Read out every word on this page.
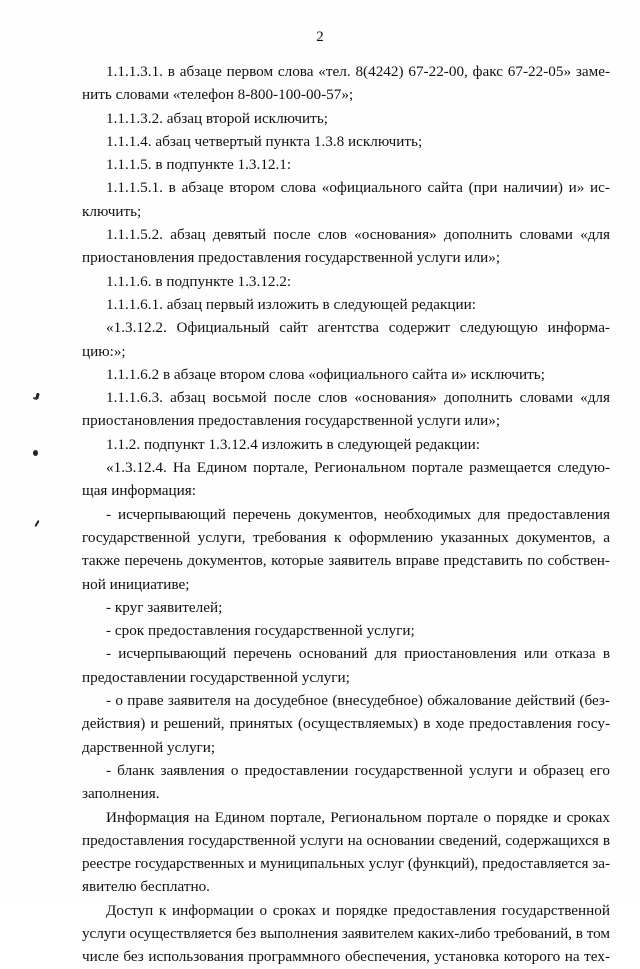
2
1.1.1.3.1. в абзаце первом слова «тел. 8(4242) 67-22-00, факс 67-22-05» заме-
нить словами «телефон 8-800-100-00-57»;
1.1.1.3.2. абзац второй исключить;
1.1.1.4. абзац четвертый пункта 1.3.8 исключить;
1.1.1.5. в подпункте 1.3.12.1:
1.1.1.5.1. в абзаце втором слова «официального сайта (при наличии) и» ис-
ключить;
1.1.1.5.2. абзац девятый после слов «основания» дополнить словами «для
приостановления предоставления государственной услуги или»;
1.1.1.6. в подпункте 1.3.12.2:
1.1.1.6.1. абзац первый изложить в следующей редакции:
«1.3.12.2. Официальный сайт агентства содержит следующую информа-
цию:»;
1.1.1.6.2 в абзаце втором слова «официального сайта и» исключить;
1.1.1.6.3. абзац восьмой после слов «основания» дополнить словами «для
приостановления предоставления государственной услуги или»;
1.1.2. подпункт 1.3.12.4 изложить в следующей редакции:
«1.3.12.4. На Едином портале, Региональном портале размещается следую-
щая информация:
- исчерпывающий перечень документов, необходимых для предоставления
государственной услуги, требования к оформлению указанных документов, а
также перечень документов, которые заявитель вправе представить по собствен-
ной инициативе;
- круг заявителей;
- срок предоставления государственной услуги;
- исчерпывающий перечень оснований для приостановления или отказа в
предоставлении государственной услуги;
- о праве заявителя на досудебное (внесудебное) обжалование действий (без-
действия) и решений, принятых (осуществляемых) в ходе предоставления госу-
дарственной услуги;
- бланк заявления о предоставлении государственной услуги и образец его
заполнения.
Информация на Едином портале, Региональном портале о порядке и сроках
предоставления государственной услуги на основании сведений, содержащихся в
реестре государственных и муниципальных услуг (функций), предоставляется за-
явителю бесплатно.
Доступ к информации о сроках и порядке предоставления государственной
услуги осуществляется без выполнения заявителем каких-либо требований, в том
числе без использования программного обеспечения, установка которого на тех-
